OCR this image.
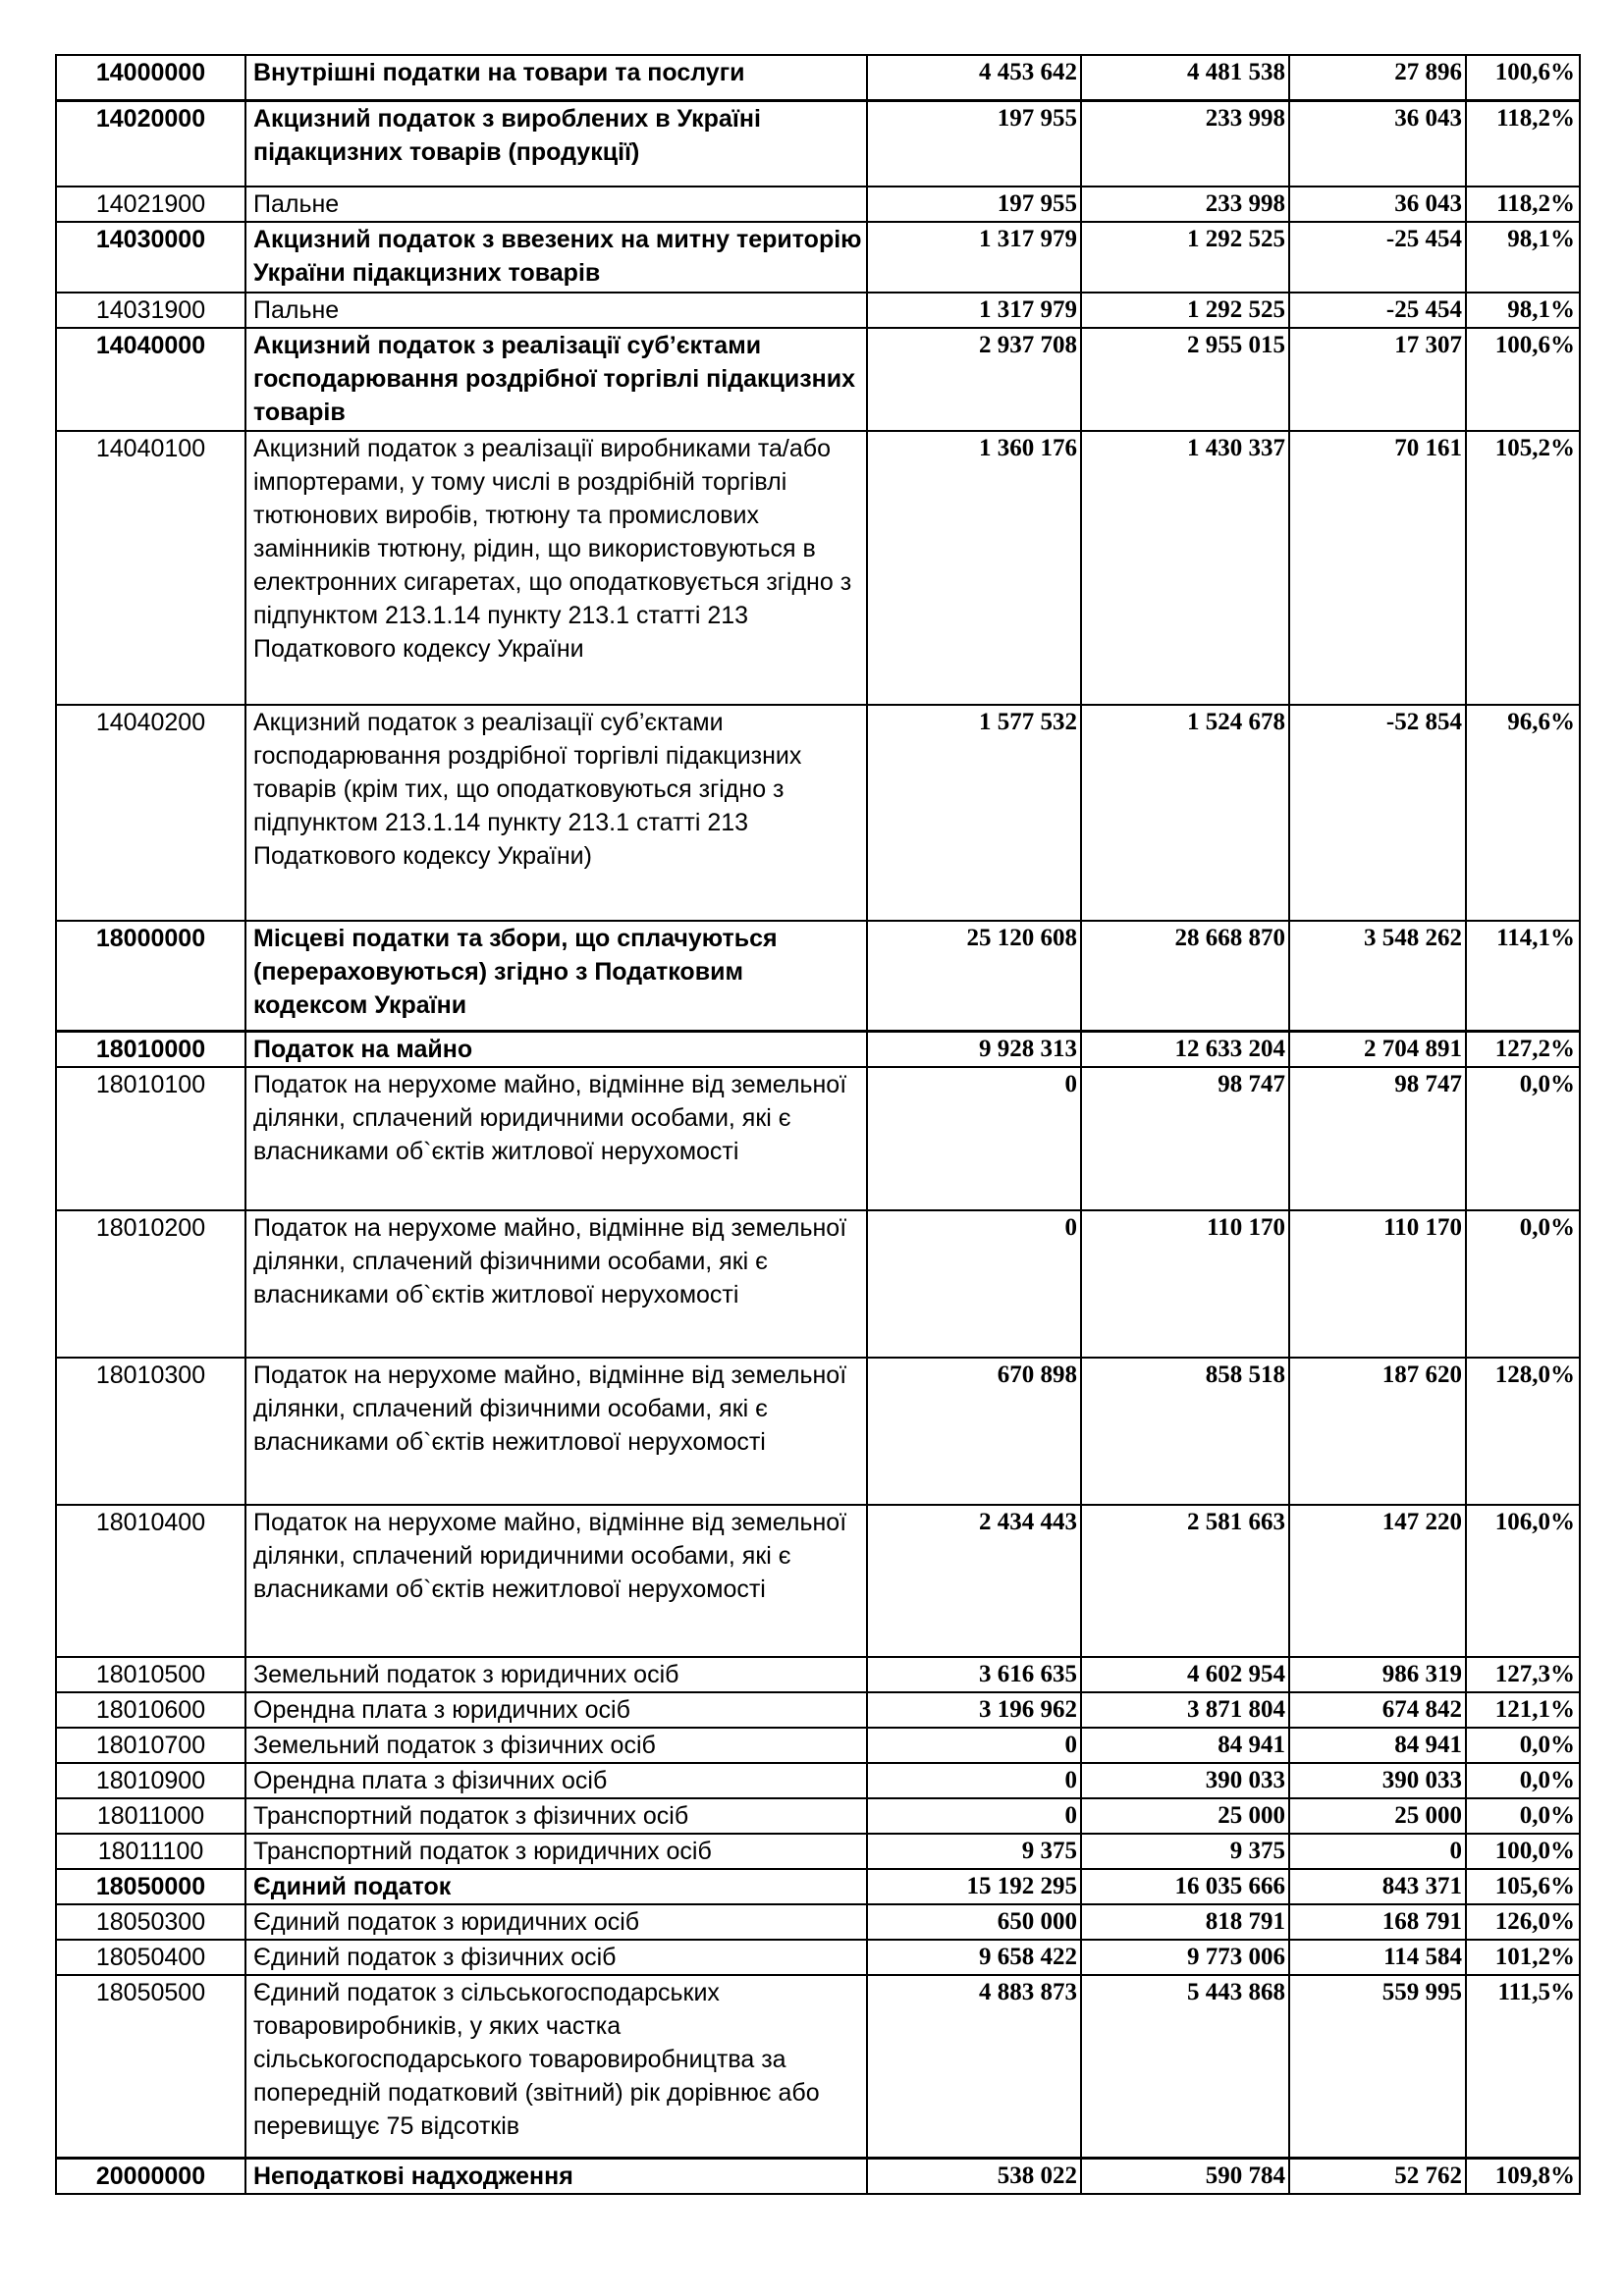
14000000	Внутрішні податки на товари та послуги	4 453 642	4 481 538	27 896	100,6%
14020000	Акцизний податок з вироблених в Україні підакцизних товарів (продукції)	197 955	233 998	36 043	118,2%
14021900	Пальне	197 955	233 998	36 043	118,2%
14030000	Акцизний податок з ввезених на митну територію України підакцизних товарів	1 317 979	1 292 525	-25 454	98,1%
14031900	Пальне	1 317 979	1 292 525	-25 454	98,1%
14040000	Акцизний податок з реалізації суб’єктами господарювання роздрібної торгівлі підакцизних товарів	2 937 708	2 955 015	17 307	100,6%
14040100	Акцизний податок з реалізації виробниками та/або імпортерами, у тому числі в роздрібній торгівлі тютюнових виробів, тютюну та промислових замінників тютюну, рідин, що використовуються в електронних сигаретах, що оподатковується згідно з підпунктом 213.1.14 пункту 213.1 статті 213 Податкового кодексу України	1 360 176	1 430 337	70 161	105,2%
14040200	Акцизний податок з реалізації суб’єктами господарювання роздрібної торгівлі підакцизних товарів (крім тих, що оподатковуються згідно з підпунктом 213.1.14 пункту 213.1 статті 213 Податкового кодексу України)	1 577 532	1 524 678	-52 854	96,6%
18000000	Місцеві податки та збори, що сплачуються (перераховуються) згідно з Податковим кодексом України	25 120 608	28 668 870	3 548 262	114,1%
18010000	Податок на майно	9 928 313	12 633 204	2 704 891	127,2%
18010100	Податок на нерухоме майно, відмінне від земельної ділянки, сплачений юридичними особами, які є власниками об`єктів житлової нерухомості	0	98 747	98 747	0,0%
18010200	Податок на нерухоме майно, відмінне від земельної ділянки, сплачений фізичними особами, які є власниками об`єктів житлової нерухомості	0	110 170	110 170	0,0%
18010300	Податок на нерухоме майно, відмінне від земельної ділянки, сплачений фізичними особами, які є власниками об`єктів нежитлової нерухомості	670 898	858 518	187 620	128,0%
18010400	Податок на нерухоме майно, відмінне від земельної ділянки, сплачений юридичними особами, які є власниками об`єктів нежитлової нерухомості	2 434 443	2 581 663	147 220	106,0%
18010500	Земельний податок з юридичних осіб	3 616 635	4 602 954	986 319	127,3%
18010600	Орендна плата з юридичних осіб	3 196 962	3 871 804	674 842	121,1%
18010700	Земельний податок з фізичних осіб	0	84 941	84 941	0,0%
18010900	Орендна плата з фізичних осіб	0	390 033	390 033	0,0%
18011000	Транспортний податок з фізичних осіб	0	25 000	25 000	0,0%
18011100	Транспортний податок з юридичних осіб	9 375	9 375	0	100,0%
18050000	Єдиний податок	15 192 295	16 035 666	843 371	105,6%
18050300	Єдиний податок з юридичних осіб	650 000	818 791	168 791	126,0%
18050400	Єдиний податок з фізичних осіб	9 658 422	9 773 006	114 584	101,2%
18050500	Єдиний податок з сільськогосподарських товаровиробників, у яких частка сільськогосподарського товаровиробництва за попередній податковий (звітний) рік дорівнює або перевищує 75 відсотків	4 883 873	5 443 868	559 995	111,5%
20000000	Неподаткові надходження	538 022	590 784	52 762	109,8%
